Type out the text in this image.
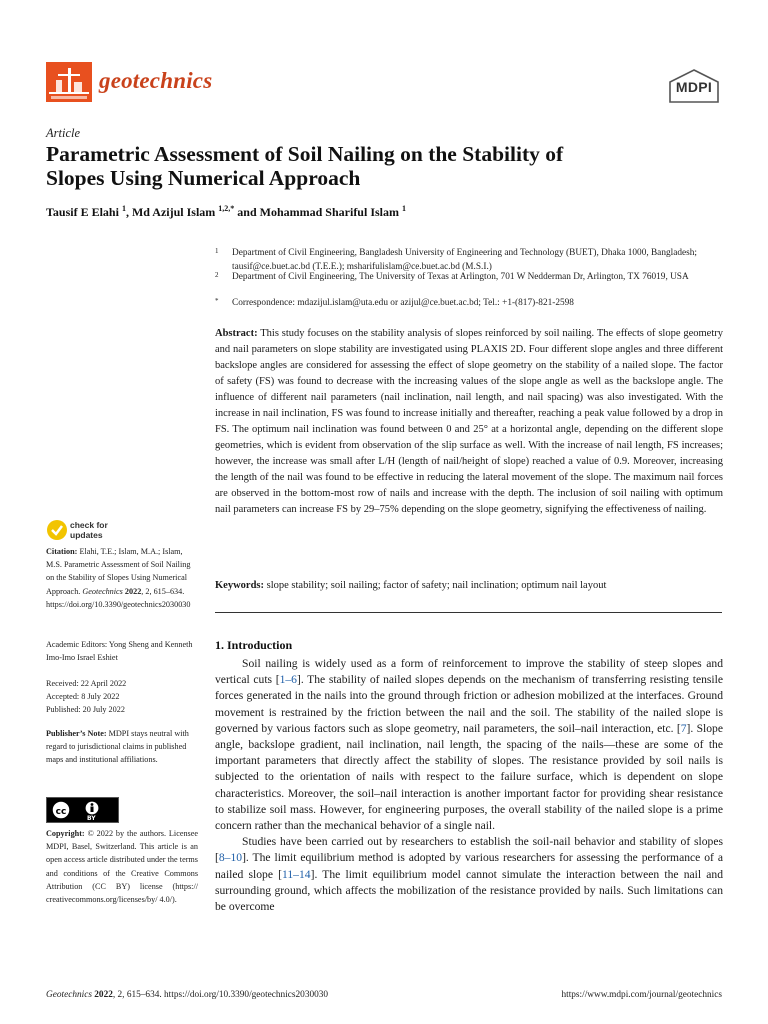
geotechnics	MDPI
Article
Parametric Assessment of Soil Nailing on the Stability of
Slopes Using Numerical Approach
Tausif E Elahi $^1$, Md Azijul Islam $^{1,2,*}$ and Mohammad Shariful Islam $^1$
1 Department of Civil Engineering, Bangladesh University of Engineering and Technology (BUET), Dhaka 1000, Bangladesh; tausif@ce.buet.ac.bd (T.E.E.); msharifulislam@ce.buet.ac.bd (M.S.I.)
2 Department of Civil Engineering, The University of Texas at Arlington, 701 W Nedderman Dr, Arlington, TX 76019, USA
* Correspondence: mdazijul.islam@uta.edu or azijul@ce.buet.ac.bd; Tel.: +1-(817)-821-2598
Abstract: This study focuses on the stability analysis of slopes reinforced by soil nailing. The effects of slope geometry and nail parameters on slope stability are investigated using PLAXIS 2D. Four different slope angles and three different backslope angles are considered for assessing the effect of slope geometry on the stability of a nailed slope. The factor of safety (FS) was found to decrease with the increasing values of the slope angle as well as the backslope angle. The influence of different nail parameters (nail inclination, nail length, and nail spacing) was also investigated. With the increase in nail inclination, FS was found to increase initially and thereafter, reaching a peak value followed by a drop in FS. The optimum nail inclination was found between 0 and 25° at a horizontal angle, depending on the different slope geometries, which is evident from observation of the slip surface as well. With the increase of nail length, FS increases; however, the increase was small after L/H (length of nail/height of slope) reached a value of 0.9. Moreover, increasing the length of the nail was found to be effective in reducing the lateral movement of the slope. The maximum nail forces are observed in the bottom-most row of nails and increase with the depth. The inclusion of soil nailing with optimum nail parameters can increase FS by 29–75% depending on the slope geometry, signifying the effectiveness of nailing.
Keywords: slope stability; soil nailing; factor of safety; nail inclination; optimum nail layout
1. Introduction

Soil nailing is widely used as a form of reinforcement to improve the stability of steep slopes and vertical cuts [1–6]. The stability of nailed slopes depends on the mechanism of transferring resisting tensile forces generated in the nails into the ground through friction or adhesion mobilized at the interfaces. Ground movement is restrained by the friction between the nail and the soil. The stability of the nailed slope is governed by various factors such as slope geometry, nail parameters, the soil–nail interaction, etc. [7]. Slope angle, backslope gradient, nail inclination, nail length, the spacing of the nails—these are some of the important parameters that directly affect the stability of slopes. The resistance provided by soil nails is subjected to the orientation of nails with respect to the failure surface, which is dependent on slope characteristics. Moreover, the soil–nail interaction is another important factor for providing shear resistance to stabilize soil mass. However, for engineering purposes, the overall stability of the nailed slope is a prime concern rather than the mechanical behavior of a single nail.

Studies have been carried out by researchers to establish the soil-nail behavior and stability of slopes [8–10]. The limit equilibrium method is adopted by various researchers for assessing the performance of a nailed slope [11–14]. The limit equilibrium model cannot simulate the interaction between the nail and surrounding ground, which affects the mobilization of the resistance provided by nails. Such limitations can be overcome

check for
updates
Citation: Elahi, T.E.; Islam, M.A.; Islam, M.S. Parametric Assessment of Soil Nailing on the Stability of Slopes Using Numerical Approach. Geotechnics 2022, 2, 615–634. https://doi.org/10.3390/geotechnics2030030
Academic Editors: Yong Sheng and Kenneth Imo-Imo Israel Eshiet
Received: 22 April 2022
Accepted: 8 July 2022
Published: 20 July 2022
Publisher’s Note: MDPI stays neutral with regard to jurisdictional claims in published maps and institutional affiliations.
cc
BY
Copyright: © 2022 by the authors. Licensee MDPI, Basel, Switzerland. This article is an open access article distributed under the terms and conditions of the Creative Commons Attribution (CC BY) license (https:// creativecommons.org/licenses/by/ 4.0/).
Geotechnics 2022, 2, 615–634. https://doi.org/10.3390/geotechnics2030030	https://www.mdpi.com/journal/geotechnics
